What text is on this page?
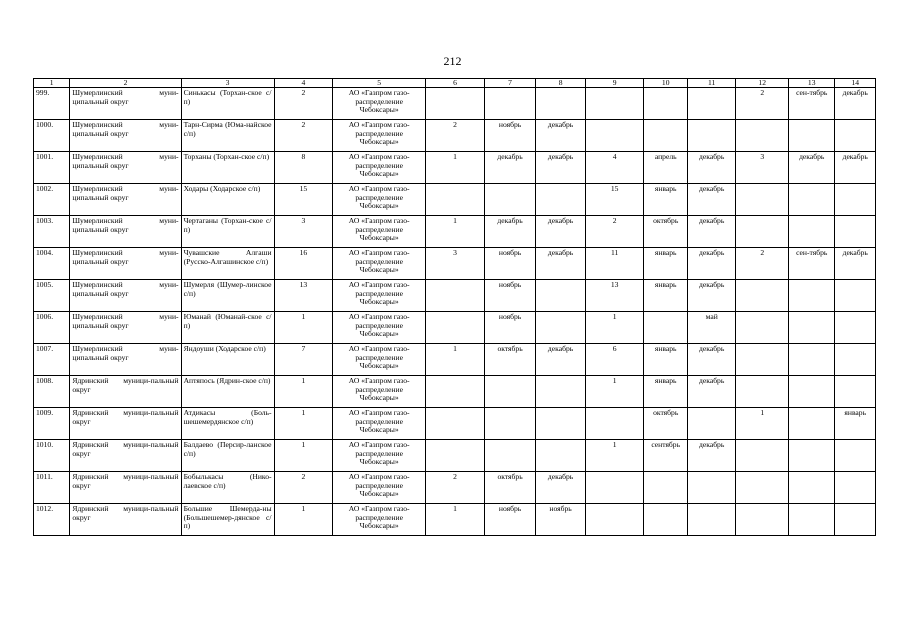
212
1	2	3	4	5	6	7	8	9	10	11	12	13	14
999.	Шумерлинский муни-ципальный округ	Синькасы (Торхан-ское с/п)	2	АО «Газпром газо-распределение Чебоксары»							2	сен-тябрь	декабрь
1000.	Шумерлинский муни-ципальный округ	Тарн-Сирма (Юма-найское с/п)	2	АО «Газпром газо-распределение Чебоксары»	2	ноябрь	декабрь						
1001.	Шумерлинский муни-ципальный округ	Торханы (Торхан-ское с/п)	8	АО «Газпром газо-распределение Чебоксары»	1	декабрь	декабрь	4	апрель	декабрь	3	декабрь	декабрь
1002.	Шумерлинский муни-ципальный округ	Ходары (Ходарское с/п)	15	АО «Газпром газо-распределение Чебоксары»				15	январь	декабрь			
1003.	Шумерлинский муни-ципальный округ	Чертаганы (Торхан-ское с/п)	3	АО «Газпром газо-распределение Чебоксары»	1	декабрь	декабрь	2	октябрь	декабрь			
1004.	Шумерлинский муни-ципальный округ	Чувашские Алгаши (Русско-Алгашинское с/п)	16	АО «Газпром газо-распределение Чебоксары»	3	ноябрь	декабрь	11	январь	декабрь	2	сен-тябрь	декабрь
1005.	Шумерлинский муни-ципальный округ	Шумерля (Шумер-линское с/п)	13	АО «Газпром газо-распределение Чебоксары»		ноябрь		13	январь	декабрь			
1006.	Шумерлинский муни-ципальный округ	Юманай (Юманай-ское с/п)	1	АО «Газпром газо-распределение Чебоксары»		ноябрь		1		май			
1007.	Шумерлинский муни-ципальный округ	Яндоуши (Ходарское с/п)	7	АО «Газпром газо-распределение Чебоксары»	1	октябрь	декабрь	6	январь	декабрь			
1008.	Ядринский муници-пальный округ	Аптяпось (Ядрин-ское с/п)	1	АО «Газпром газо-распределение Чебоксары»				1	январь	декабрь			
1009.	Ядринский муници-пальный округ	Атдикасы (Боль-шешемердянское с/п)	1	АО «Газпром газо-распределение Чебоксары»					октябрь		1		январь
1010.	Ядринский муници-пальный округ	Балдаево (Персир-ланское с/п)	1	АО «Газпром газо-распределение Чебоксары»				1	сентябрь	декабрь			
1011.	Ядринский муници-пальный округ	Бобылькасы (Нико-лаевское с/п)	2	АО «Газпром газо-распределение Чебоксары»	2	октябрь	декабрь						
1012.	Ядринский муници-пальный округ	Большие Шемерда-ны (Большешемер-дянское с/п)	1	АО «Газпром газо-распределение Чебоксары»	1	ноябрь	ноябрь						
